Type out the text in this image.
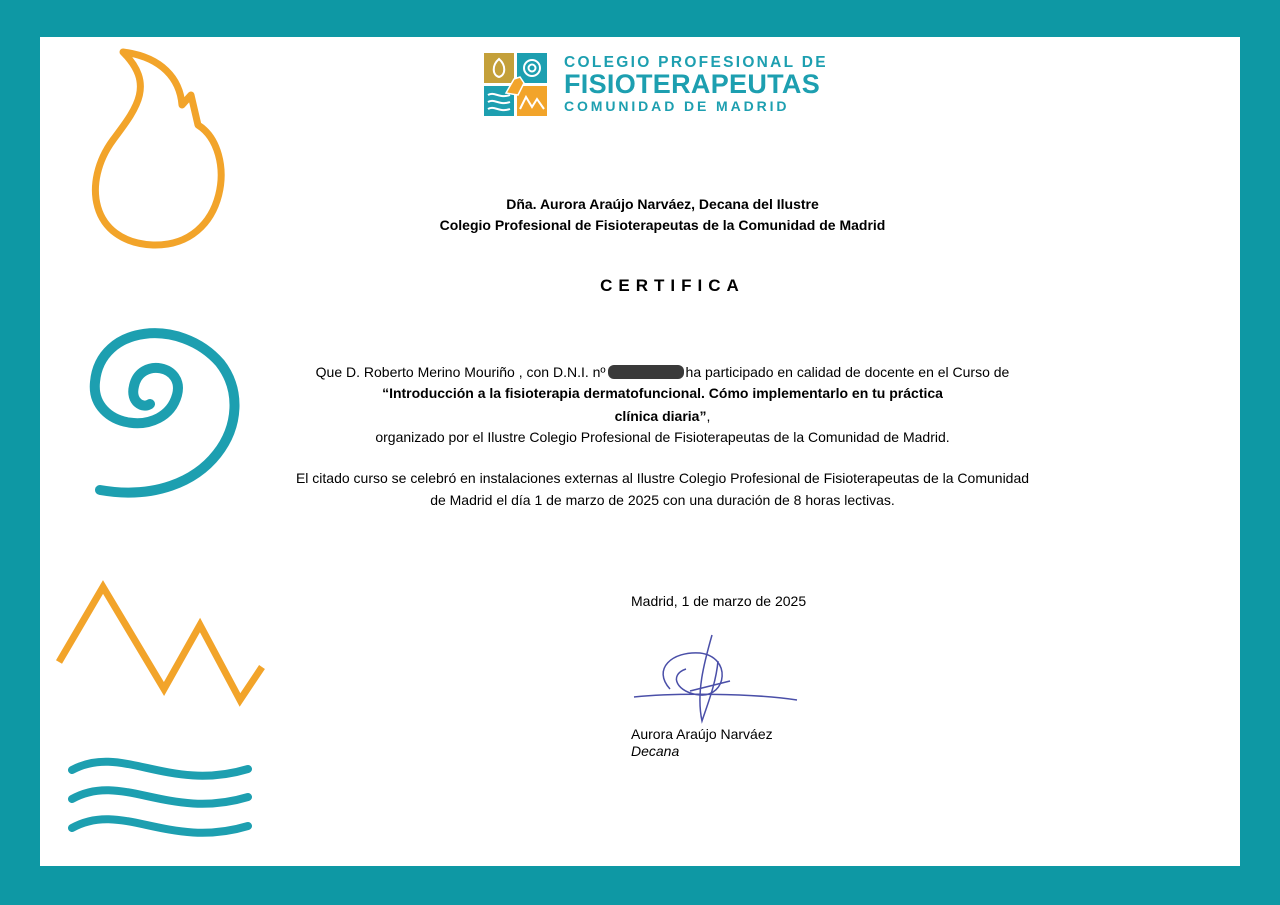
COLEGIO PROFESIONAL DE
FISIOTERAPEUTAS
COMUNIDAD DE MADRID
Dña. Aurora Araújo Narváez, Decana del Ilustre
Colegio Profesional de Fisioterapeutas de la Comunidad de Madrid
CERTIFICA
Que D. Roberto Merino Mouriño , con D.N.I. nº	ha participado en calidad de docente en el Curso de
“Introducción a la fisioterapia dermatofuncional. Cómo implementarlo en tu práctica
clínica diaria”,
organizado por el Ilustre Colegio Profesional de Fisioterapeutas de la Comunidad de Madrid.
El citado curso se celebró en instalaciones externas al Ilustre Colegio Profesional de Fisioterapeutas de la Comunidad
de Madrid el día 1 de marzo de 2025 con una duración de 8 horas lectivas.
Madrid, 1 de marzo de 2025
Aurora Araújo Narváez
Decana
